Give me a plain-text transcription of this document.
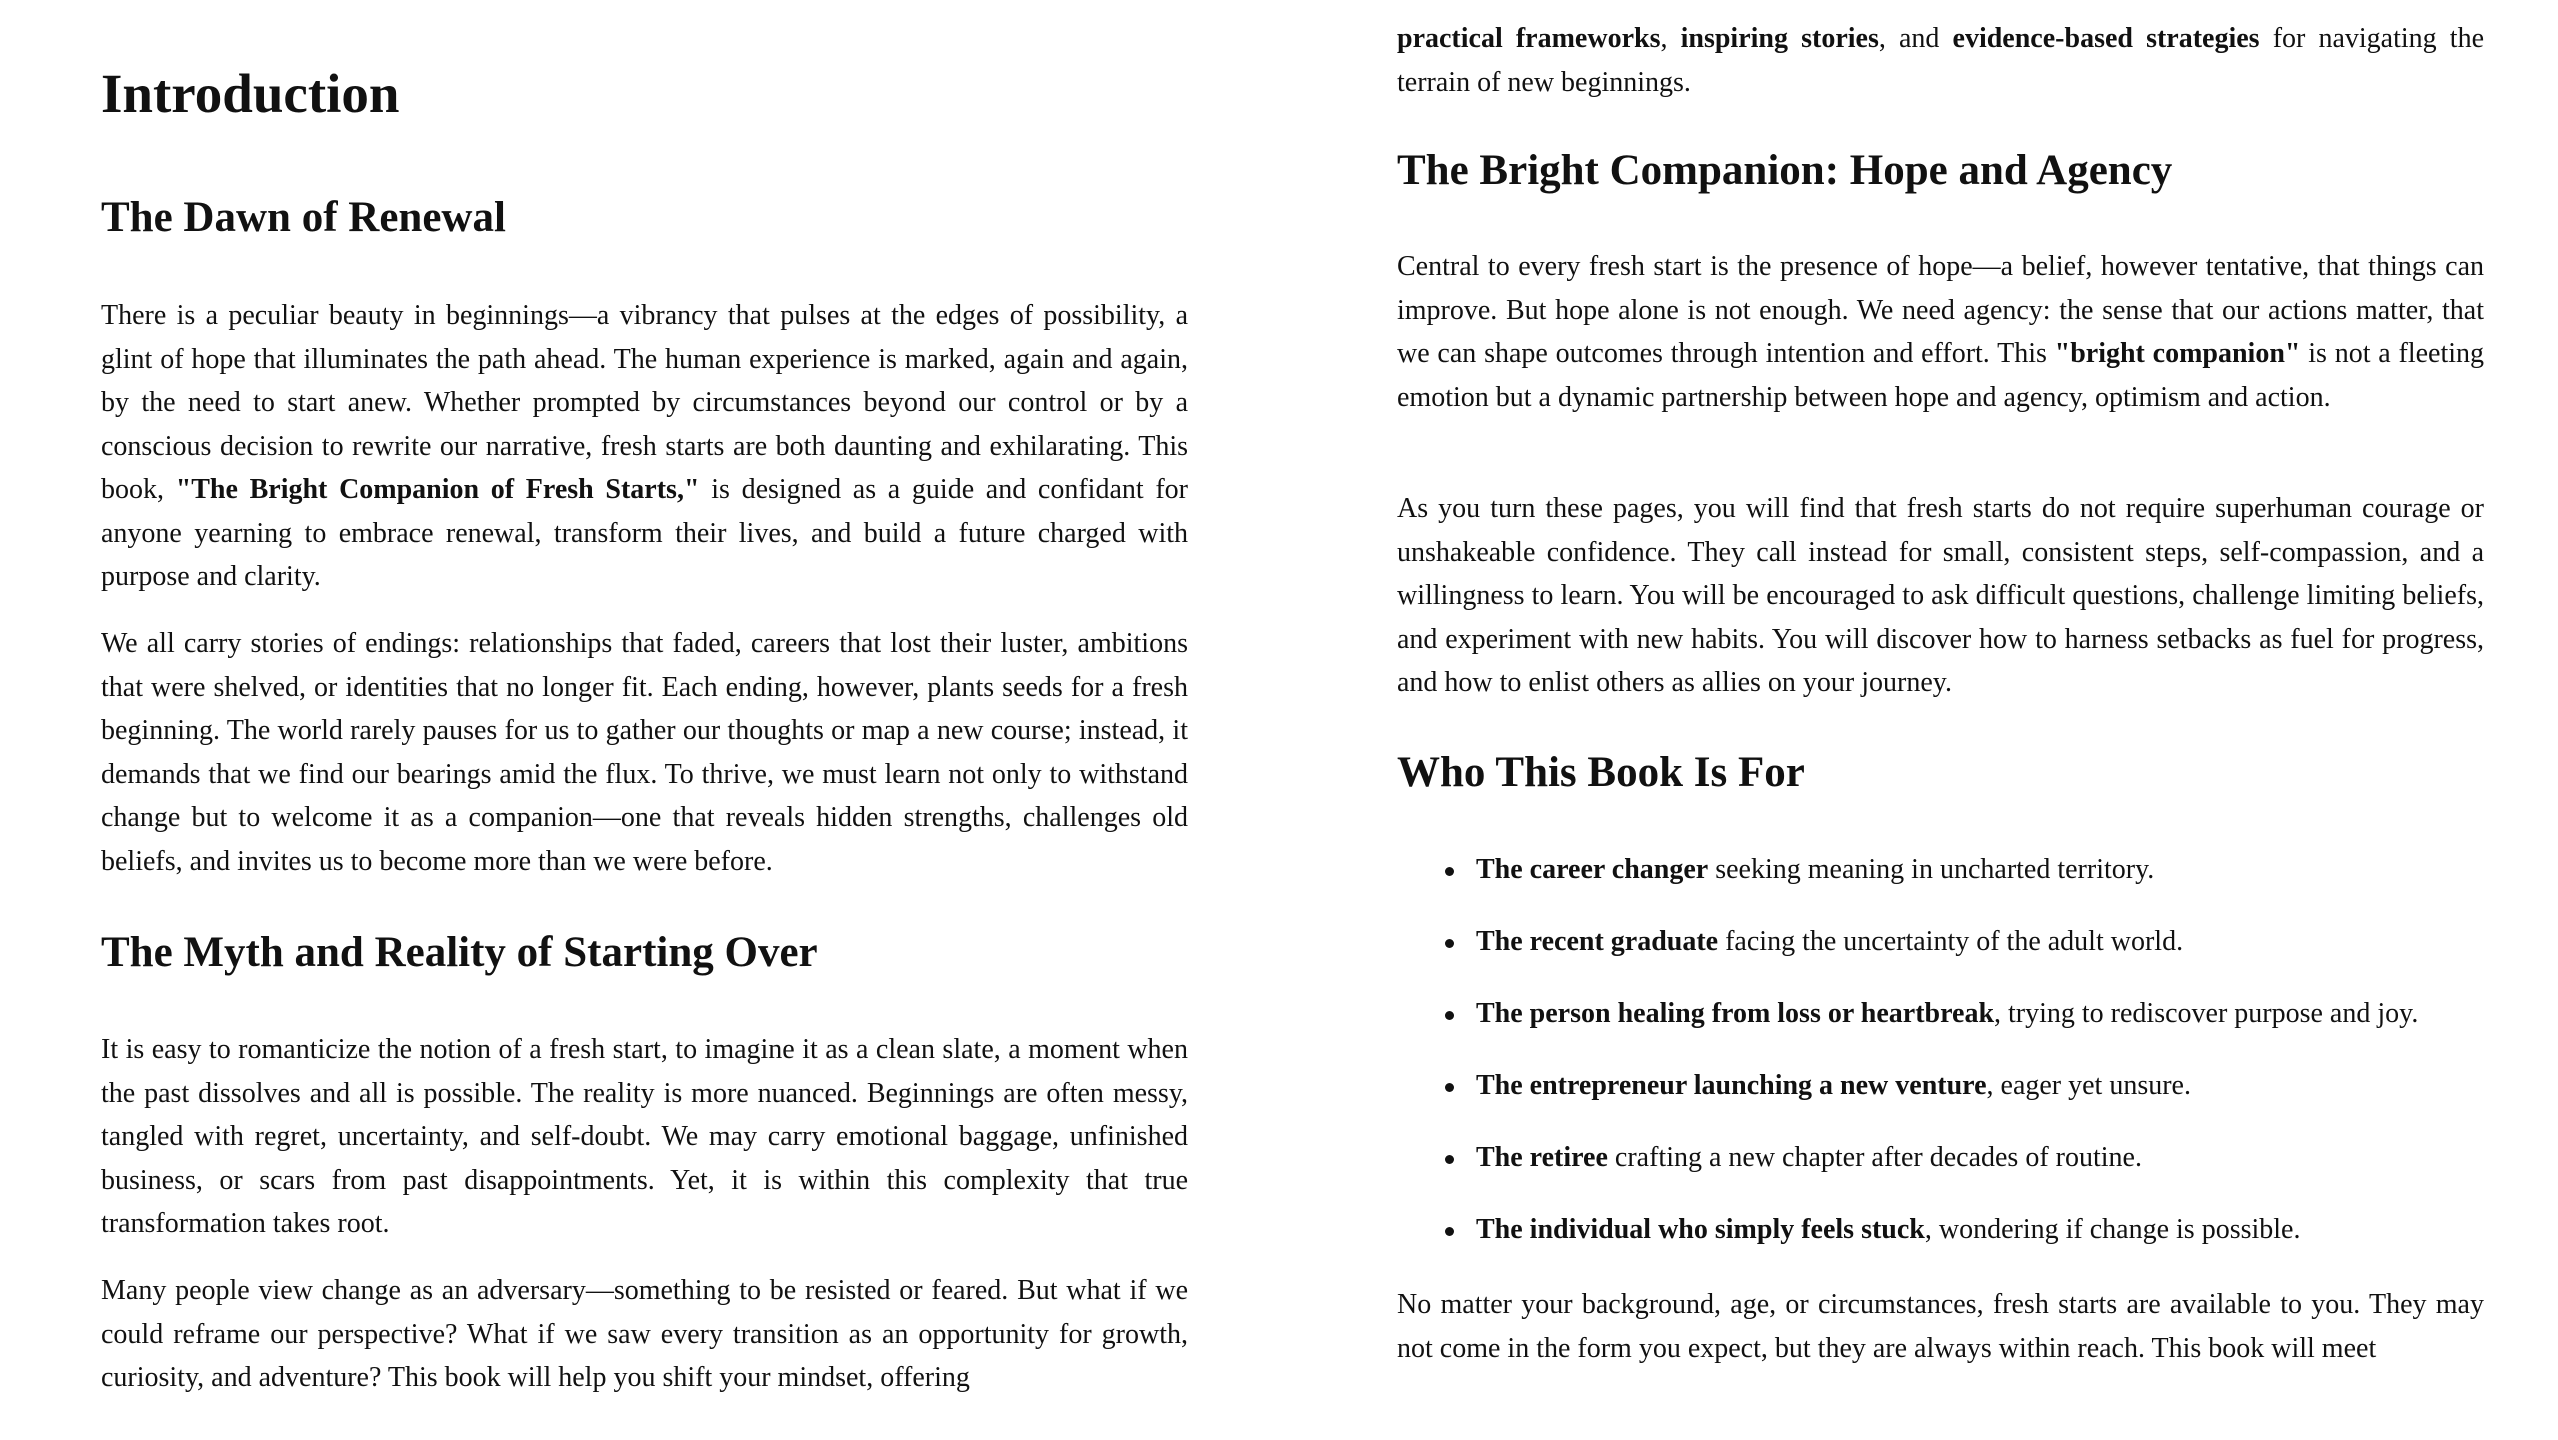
Introduction
The Dawn of Renewal

There is a peculiar beauty in beginnings—a vibrancy that pulses at the edges of possibility, a glint of hope that illuminates the path ahead. The human experience is marked, again and again, by the need to start anew. Whether prompted by circumstances beyond our control or by a conscious decision to rewrite our narrative, fresh starts are both daunting and exhilarating. This book, "The Bright Companion of Fresh Starts," is designed as a guide and confidant for anyone yearning to embrace renewal, transform their lives, and build a future charged with purpose and clarity.

We all carry stories of endings: relationships that faded, careers that lost their luster, ambitions that were shelved, or identities that no longer fit. Each ending, however, plants seeds for a fresh beginning. The world rarely pauses for us to gather our thoughts or map a new course; instead, it demands that we find our bearings amid the flux. To thrive, we must learn not only to withstand change but to welcome it as a companion—one that reveals hidden strengths, challenges old beliefs, and invites us to become more than we were before.

The Myth and Reality of Starting Over

It is easy to romanticize the notion of a fresh start, to imagine it as a clean slate, a moment when the past dissolves and all is possible. The reality is more nuanced. Beginnings are often messy, tangled with regret, uncertainty, and self-doubt. We may carry emotional baggage, unfinished business, or scars from past disappointments. Yet, it is within this complexity that true transformation takes root.

Many people view change as an adversary—something to be resisted or feared. But what if we could reframe our perspective? What if we saw every transition as an opportunity for growth, curiosity, and adventure? This book will help you shift your mindset, offering

practical frameworks, inspiring stories, and evidence-based strategies for navigating the terrain of new beginnings.

The Bright Companion: Hope and Agency

Central to every fresh start is the presence of hope—a belief, however tentative, that things can improve. But hope alone is not enough. We need agency: the sense that our actions matter, that we can shape outcomes through intention and effort. This "bright companion" is not a fleeting emotion but a dynamic partnership between hope and agency, optimism and action.

As you turn these pages, you will find that fresh starts do not require superhuman courage or unshakeable confidence. They call instead for small, consistent steps, self-compassion, and a willingness to learn. You will be encouraged to ask difficult questions, challenge limiting beliefs, and experiment with new habits. You will discover how to harness setbacks as fuel for progress, and how to enlist others as allies on your journey.

Who This Book Is For
The career changer seeking meaning in uncharted territory.
The recent graduate facing the uncertainty of the adult world.
The person healing from loss or heartbreak, trying to rediscover purpose and joy.
The entrepreneur launching a new venture, eager yet unsure.
The retiree crafting a new chapter after decades of routine.
The individual who simply feels stuck, wondering if change is possible.

No matter your background, age, or circumstances, fresh starts are available to you. They may not come in the form you expect, but they are always within reach. This book will meet
